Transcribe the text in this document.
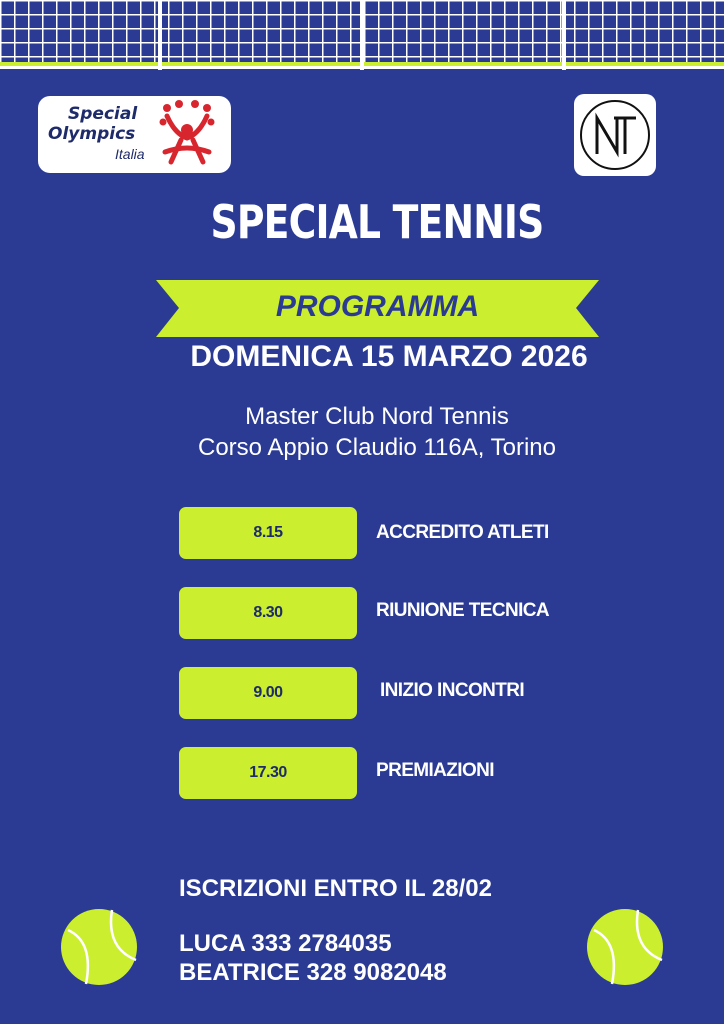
Special
Olympics
Italia
SPECIAL TENNIS
PROGRAMMA
DOMENICA 15 MARZO 2026
Master Club Nord Tennis
Corso Appio Claudio 116A, Torino
8.15	ACCREDITO ATLETI
8.30	RIUNIONE TECNICA
9.00	INIZIO INCONTRI
17.30	PREMIAZIONI
ISCRIZIONI ENTRO IL 28/02
LUCA 333 2784035
BEATRICE 328 9082048
